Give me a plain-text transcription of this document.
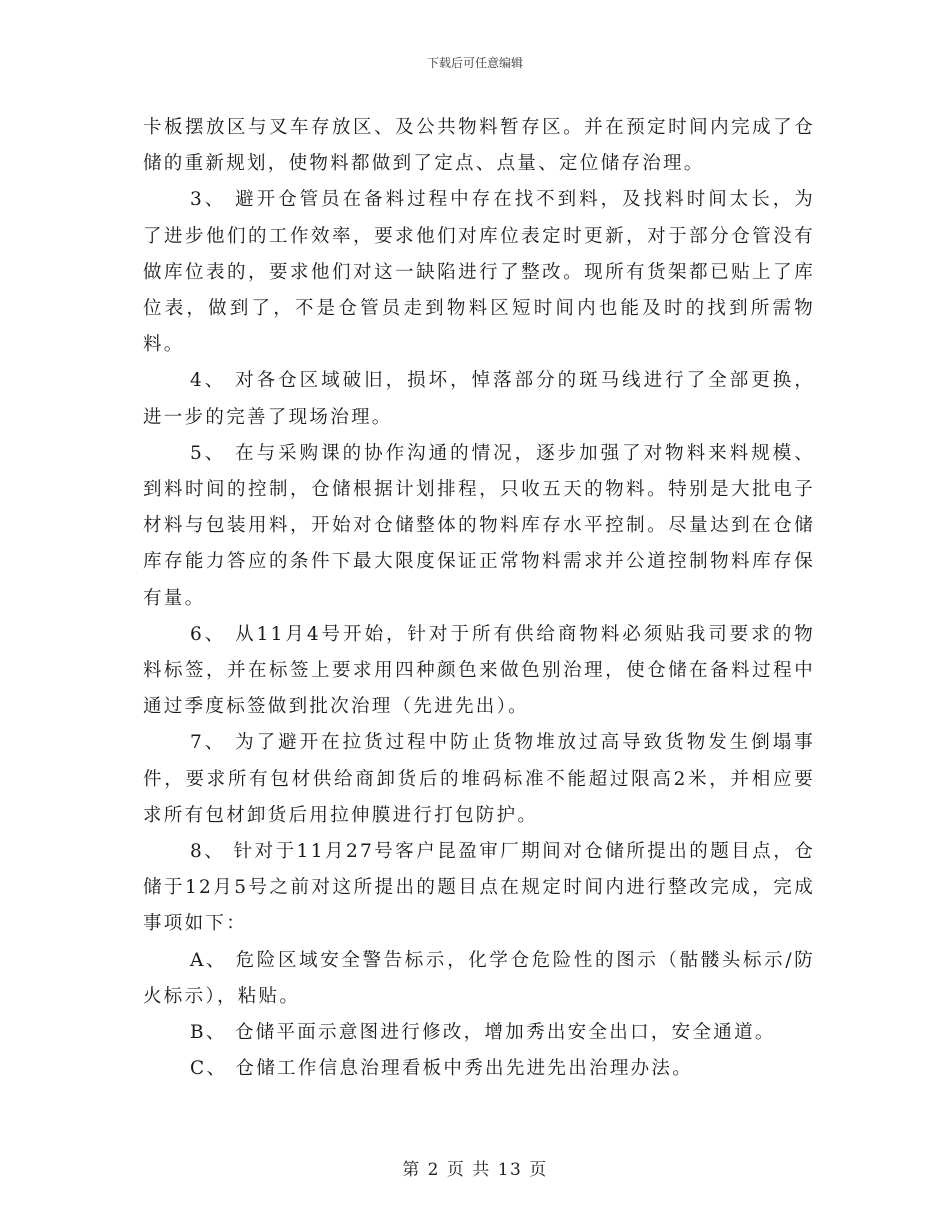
下载后可任意编辑

卡板摆放区与叉车存放区、及公共物料暂存区。并在预定时间内完成了仓储的重新规划，使物料都做到了定点、点量、定位储存治理。

3、 避开仓管员在备料过程中存在找不到料，及找料时间太长，为了进步他们的工作效率，要求他们对库位表定时更新，对于部分仓管没有做库位表的，要求他们对这一缺陷进行了整改。现所有货架都已贴上了库位表，做到了，不是仓管员走到物料区短时间内也能及时的找到所需物料。

4、 对各仓区域破旧，损坏，悼落部分的斑马线进行了全部更换，进一步的完善了现场治理。

5、 在与采购课的协作沟通的情况，逐步加强了对物料来料规模、到料时间的控制，仓储根据计划排程，只收五天的物料。特别是大批电子材料与包装用料，开始对仓储整体的物料库存水平控制。尽量达到在仓储库存能力答应的条件下最大限度保证正常物料需求并公道控制物料库存保有量。

6、 从11月4号开始，针对于所有供给商物料必须贴我司要求的物料标签，并在标签上要求用四种颜色来做色别治理，使仓储在备料过程中通过季度标签做到批次治理（先进先出）。

7、 为了避开在拉货过程中防止货物堆放过高导致货物发生倒塌事件，要求所有包材供给商卸货后的堆码标准不能超过限高2米，并相应要求所有包材卸货后用拉伸膜进行打包防护。

8、 针对于11月27号客户昆盈审厂期间对仓储所提出的题目点，仓储于12月5号之前对这所提出的题目点在规定时间内进行整改完成，完成事项如下：

A、 危险区域安全警告标示，化学仓危险性的图示（骷髅头标示/防火标示），粘贴。

B、 仓储平面示意图进行修改，增加秀出安全出口，安全通道。

C、 仓储工作信息治理看板中秀出先进先出治理办法。

第 2 页 共 13 页
